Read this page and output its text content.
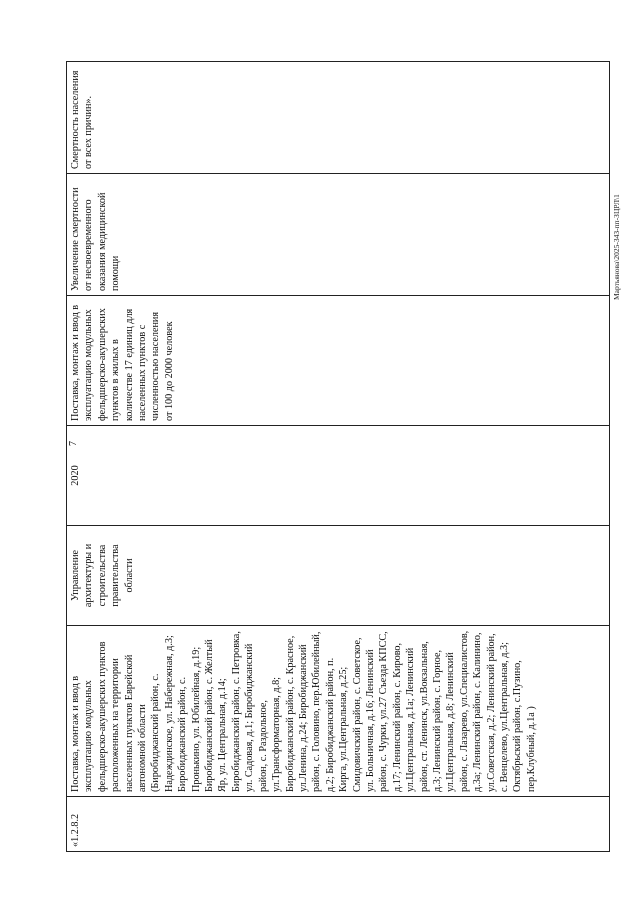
7
«1.2.8.2	Поставка, монтаж и ввод в эксплуатацию модульных фельдшерско-акушерских пунктов расположенных на территории населенных пунктов Еврейской автономной области (Биробиджанский район, с. Надеждинское, ул. Набережная, д.3; Биробиджанский район, с. Пронькино, ул. Юбилейная, д.19; Биробиджанский район, с. Желтый Яр, ул. Центральная, д.14; Биробиджанский район, с. Петровка, ул. Садовая, д.1; Биробиджанский район, с. Раздольное, ул.Трансформаторная, д.8; Биробиджанский район, с. Красное, ул.Ленина, д.24; Биробиджанский район, с. Головино, пер.Юбилейный, д.2; Биробиджанский район, п. Кирга, ул.Центральная, д.25; Смидовичский район, с. Советское, ул. Больничная, д.16; Ленинский район, с. Чурки, ул.27 Съезда КПСС, д.17; Ленинский район, с. Кирово, ул.Центральная, д.1а; Ленинский район, ст. Ленинск, ул.Вокзальная, д.3; Ленинский район, с. Горное, ул.Центральная, д.8; Ленинский район, с. Лазарево, ул.Специалистов, д.3а; Ленинский район, с. Калинино, ул.Советская, д.2; Ленинский район, с. Венцелево, ул.Центральная, д.3; Октябрьский район, с.Пузино, пер.Клубный, д.1а )	Управление архитектуры и строительства правительства области	2020	Поставка, монтаж и ввод в эксплуатацию модульных фельдшерско-акушерских пунктов в жилых в количестве 17 единиц для населенных пунктов с численностью населения от 100 до 2000 человек	Увеличение смертности от несвоевременного оказания медицинской помощи	Смертность населения от всех причин».
Мартьянова\2025-343-пп-ЗЦРЛ\1
